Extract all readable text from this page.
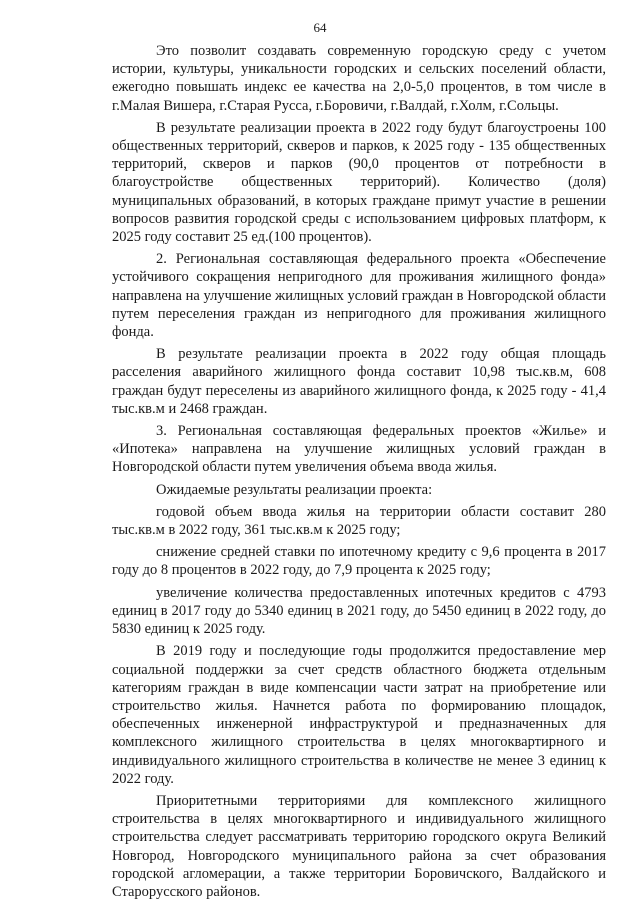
64

Это позволит создавать современную городскую среду с учетом истории, культуры, уникальности городских и сельских поселений области, ежегодно повышать индекс ее качества на 2,0-5,0 процентов, в том числе в г.Малая Вишера, г.Старая Русса, г.Боровичи, г.Валдай, г.Холм, г.Сольцы.

В результате реализации проекта в 2022 году будут благоустроены 100 общественных территорий, скверов и парков, к 2025 году - 135 общественных территорий, скверов и парков (90,0 процентов от потребности в благоустройстве общественных территорий). Количество (доля) муниципальных образований, в которых граждане примут участие в решении вопросов развития городской среды с использованием цифровых платформ, к 2025 году составит 25 ед.(100 процентов).

2. Региональная составляющая федерального проекта «Обеспечение устойчивого сокращения непригодного для проживания жилищного фонда» направлена на улучшение жилищных условий граждан в Новгородской области путем переселения граждан из непригодного для проживания жилищного фонда.

В результате реализации проекта в 2022 году общая площадь расселения аварийного жилищного фонда составит 10,98 тыс.кв.м, 608 граждан будут переселены из аварийного жилищного фонда, к 2025 году - 41,4 тыс.кв.м и 2468 граждан.

3. Региональная составляющая федеральных проектов «Жилье» и «Ипотека» направлена на улучшение жилищных условий граждан в Новгородской области путем увеличения объема ввода жилья.

Ожидаемые результаты реализации проекта:

годовой объем ввода жилья на территории области составит 280 тыс.кв.м в 2022 году, 361 тыс.кв.м к 2025 году;

снижение средней ставки по ипотечному кредиту с 9,6 процента в 2017 году до 8 процентов в 2022 году, до 7,9 процента к 2025 году;

увеличение количества предоставленных ипотечных кредитов с 4793 единиц в 2017 году до 5340 единиц в 2021 году, до 5450 единиц в 2022 году, до 5830 единиц к 2025 году.

В 2019 году и последующие годы продолжится предоставление мер социальной поддержки за счет средств областного бюджета отдельным категориям граждан в виде компенсации части затрат на приобретение или строительство жилья. Начнется работа по формированию площадок, обеспеченных инженерной инфраструктурой и предназначенных для комплексного жилищного строительства в целях многоквартирного и индивидуального жилищного строительства в количестве не менее 3 единиц к 2022 году.

Приоритетными территориями для комплексного жилищного строительства в целях многоквартирного и индивидуального жилищного строительства следует рассматривать территорию городского округа Великий Новгород, Новгородского муниципального района за счет образования городской агломерации, а также территории Боровичского, Валдайского и Старорусского районов.
